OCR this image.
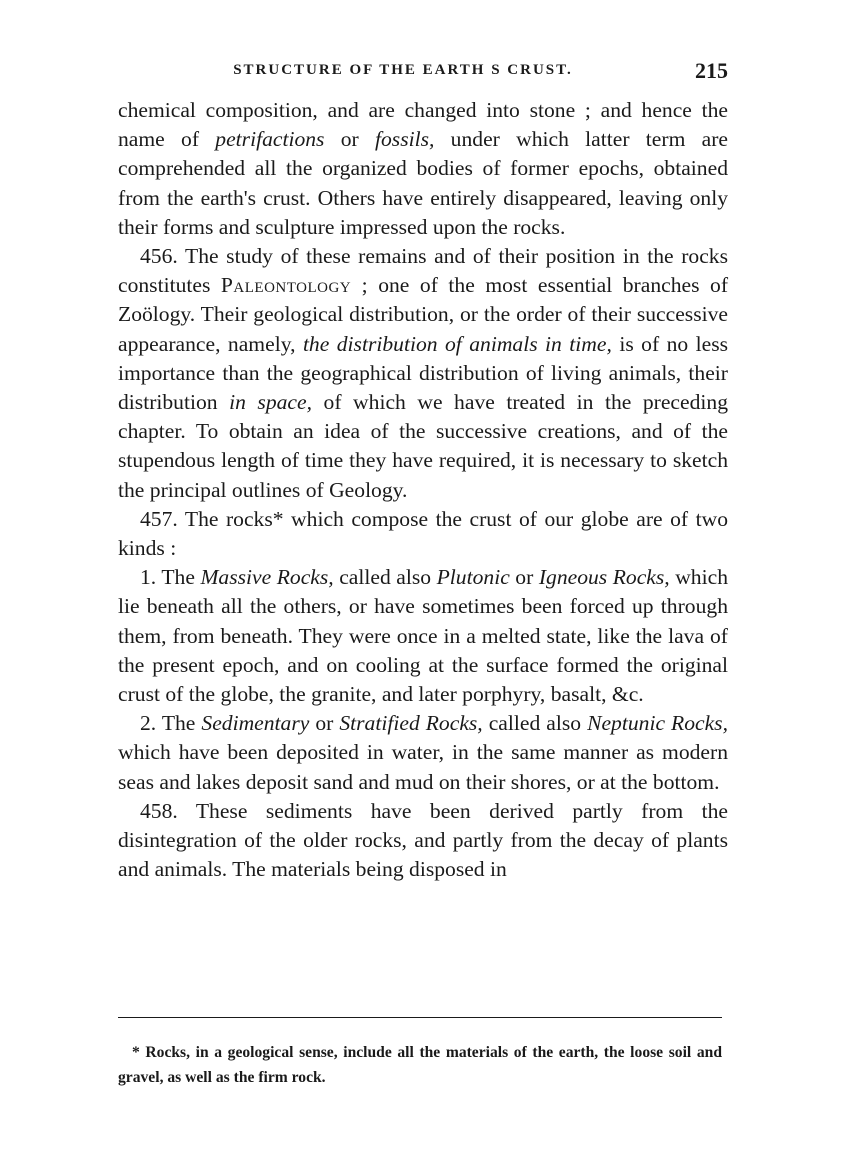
STRUCTURE OF THE EARTH S CRUST.	215

chemical composition, and are changed into stone ; and hence the name of petrifactions or fossils, under which latter term are comprehended all the organized bodies of former epochs, obtained from the earth's crust. Others have entirely disappeared, leaving only their forms and sculpture impressed upon the rocks.

456. The study of these remains and of their position in the rocks constitutes Paleontology ; one of the most essential branches of Zoölogy. Their geological distribution, or the order of their successive appearance, namely, the distribution of animals in time, is of no less importance than the geographical distribution of living animals, their distribution in space, of which we have treated in the preceding chapter. To obtain an idea of the successive creations, and of the stupendous length of time they have required, it is necessary to sketch the principal outlines of Geology.

457. The rocks* which compose the crust of our globe are of two kinds :

1. The Massive Rocks, called also Plutonic or Igneous Rocks, which lie beneath all the others, or have sometimes been forced up through them, from beneath. They were once in a melted state, like the lava of the present epoch, and on cooling at the surface formed the original crust of the globe, the granite, and later porphyry, basalt, &c.

2. The Sedimentary or Stratified Rocks, called also Neptunic Rocks, which have been deposited in water, in the same manner as modern seas and lakes deposit sand and mud on their shores, or at the bottom.

458. These sediments have been derived partly from the disintegration of the older rocks, and partly from the decay of plants and animals. The materials being disposed in

* Rocks, in a geological sense, include all the materials of the earth, the loose soil and gravel, as well as the firm rock.
